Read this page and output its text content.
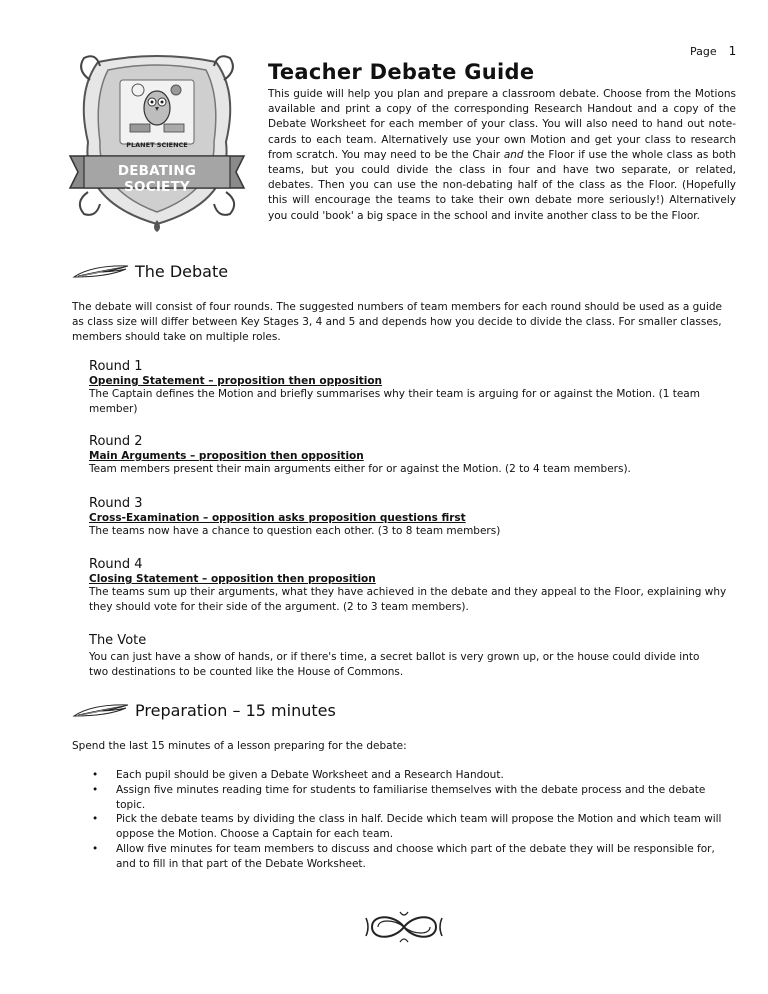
Page 1
PLANET SCIENCE
DEBATING SOCIETY
Teacher Debate Guide
This guide will help you plan and prepare a classroom debate. Choose from the Motions available and print a copy of the corresponding Research Handout and a copy of the Debate Worksheet for each member of your class. You will also need to hand out note-cards to each team. Alternatively use your own Motion and get your class to research from scratch. You may need to be the Chair and the Floor if use the whole class as both teams, but you could divide the class in four and have two separate, or related, debates. Then you can use the non-debating half of the class as the Floor. (Hopefully this will encourage the teams to take their own debate more seriously!) Alternatively you could 'book' a big space in the school and invite another class to be the Floor.
The Debate
The debate will consist of four rounds. The suggested numbers of team members for each round should be used as a guide as class size will differ between Key Stages 3, 4 and 5 and depends how you decide to divide the class. For smaller classes, members should take on multiple roles.
Round 1
Opening Statement – proposition then opposition
The Captain defines the Motion and briefly summarises why their team is arguing for or against the Motion. (1 team member)
Round 2
Main Arguments – proposition then opposition
Team members present their main arguments either for or against the Motion. (2 to 4 team members).
Round 3
Cross-Examination – opposition asks proposition questions first
The teams now have a chance to question each other. (3 to 8 team members)
Round 4
Closing Statement – opposition then proposition
The teams sum up their arguments, what they have achieved in the debate and they appeal to the Floor, explaining why they should vote for their side of the argument. (2 to 3 team members).
The Vote
You can just have a show of hands, or if there's time, a secret ballot is very grown up, or the house could divide into two destinations to be counted like the House of Commons.
Preparation – 15 minutes
Spend the last 15 minutes of a lesson preparing for the debate:
• Each pupil should be given a Debate Worksheet and a Research Handout.
• Assign five minutes reading time for students to familiarise themselves with the debate process and the debate topic.
• Pick the debate teams by dividing the class in half. Decide which team will propose the Motion and which team will oppose the Motion. Choose a Captain for each team.
• Allow five minutes for team members to discuss and choose which part of the debate they will be responsible for, and to fill in that part of the Debate Worksheet.
